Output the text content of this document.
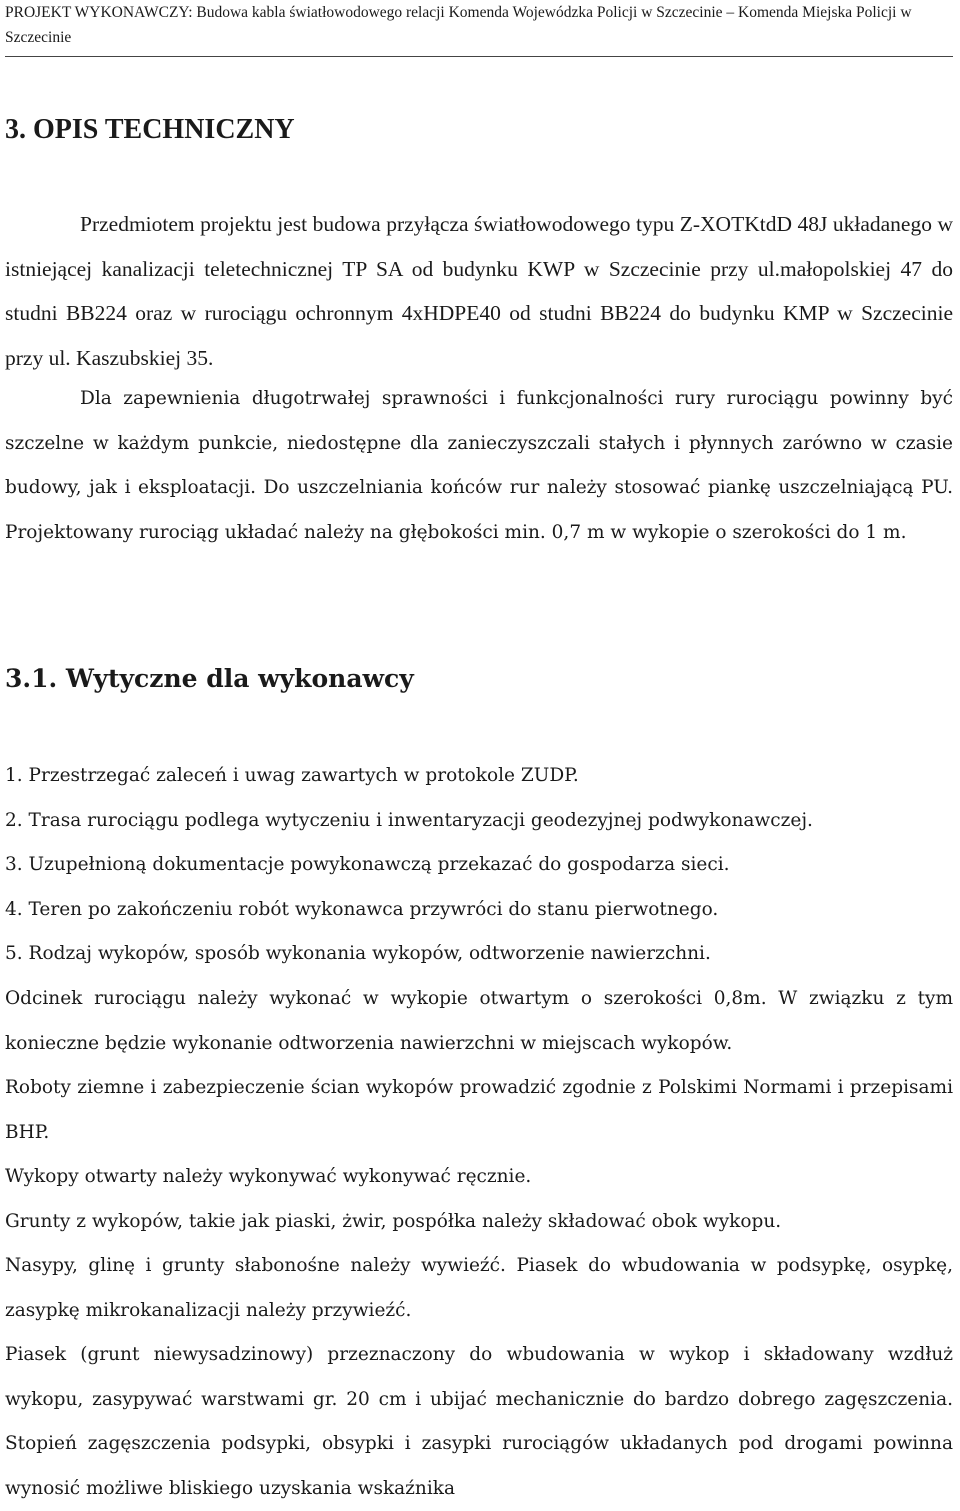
PROJEKT WYKONAWCZY: Budowa kabla światłowodowego relacji Komenda Wojewódzka Policji w Szczecinie – Komenda Miejska Policji w Szczecinie
3. OPIS TECHNICZNY

Przedmiotem projektu jest budowa przyłącza światłowodowego typu Z-XOTKtdD 48J układanego w istniejącej kanalizacji teletechnicznej TP SA od budynku KWP w Szczecinie przy ul.małopolskiej 47 do studni BB224 oraz w rurociągu ochronnym 4xHDPE40 od studni BB224 do budynku KMP w Szczecinie przy ul. Kaszubskiej 35.

Dla zapewnienia długotrwałej sprawności i funkcjonalności rury rurociągu powinny być szczelne w każdym punkcie, niedostępne dla zanieczyszczali stałych i płynnych zarówno w czasie budowy, jak i eksploatacji. Do uszczelniania końców rur należy stosować piankę uszczelniającą PU. Projektowany rurociąg układać należy na głębokości min. 0,7 m w wykopie o szerokości do 1 m.

3.1. Wytyczne dla wykonawcy
1. Przestrzegać zaleceń i uwag zawartych w protokole ZUDP.
2. Trasa rurociągu podlega wytyczeniu i inwentaryzacji geodezyjnej podwykonawczej.
3. Uzupełnioną dokumentacje powykonawczą przekazać do gospodarza sieci.
4. Teren po zakończeniu robót wykonawca przywróci do stanu pierwotnego.
5. Rodzaj wykopów, sposób wykonania wykopów, odtworzenie nawierzchni.

Odcinek rurociągu należy wykonać w wykopie otwartym o szerokości 0,8m. W związku z tym konieczne będzie wykonanie odtworzenia nawierzchni w miejscach wykopów.

Roboty ziemne i zabezpieczenie ścian wykopów prowadzić zgodnie z Polskimi Normami i przepisami BHP.

Wykopy otwarty należy wykonywać wykonywać ręcznie.

Grunty z wykopów, takie jak piaski, żwir, pospółka należy składować obok wykopu.

Nasypy, glinę i grunty słabonośne należy wywieźć. Piasek do wbudowania w podsypkę, osypkę, zasypkę mikrokanalizacji należy przywieźć.

Piasek (grunt niewysadzinowy) przeznaczony do wbudowania w wykop i składowany wzdłuż wykopu, zasypywać warstwami gr. 20 cm i ubijać mechanicznie do bardzo dobrego zagęszczenia. Stopień zagęszczenia podsypki, obsypki i zasypki rurociągów układanych pod drogami powinna wynosić możliwe bliskiego uzyskania wskaźnika
